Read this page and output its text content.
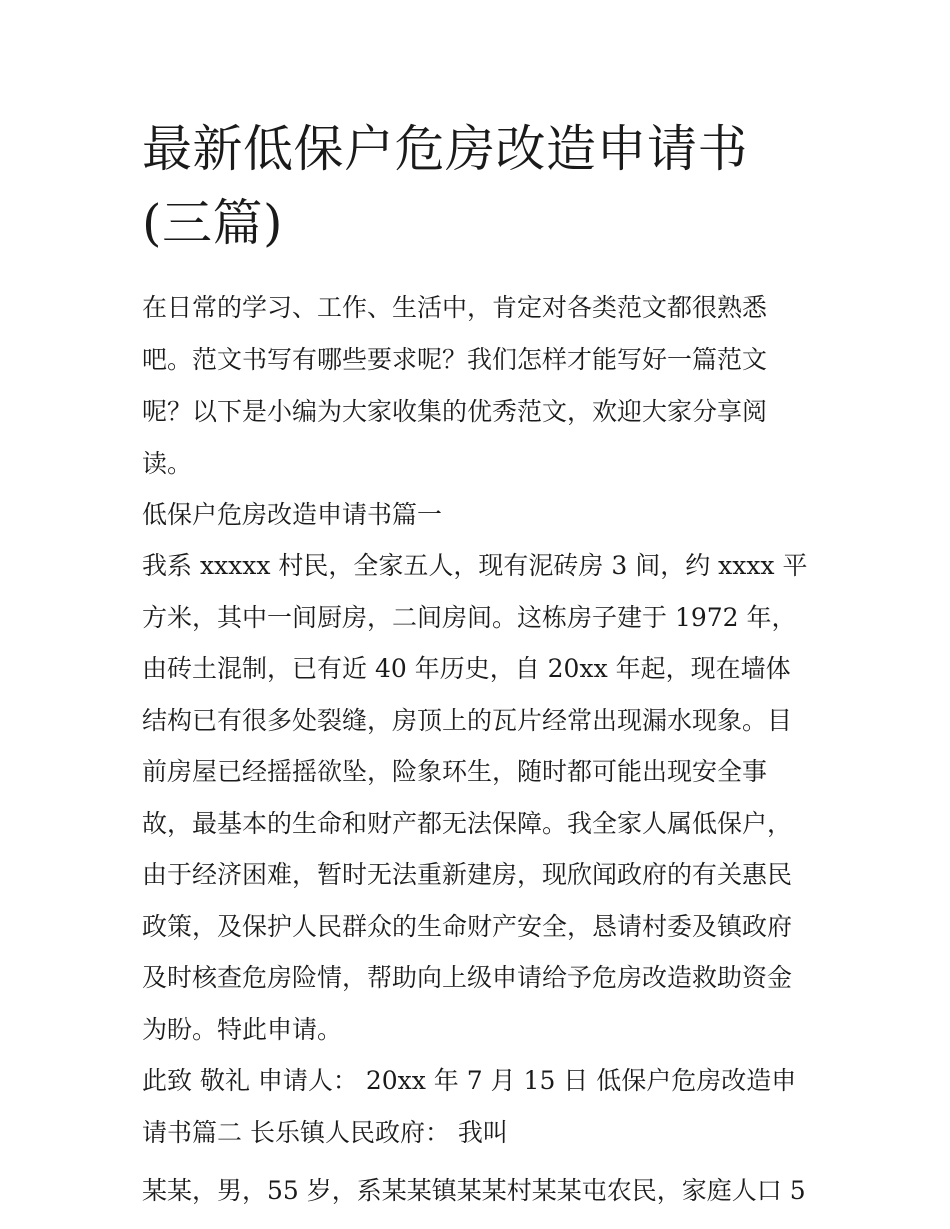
最新低保户危房改造申请书(三篇)

在日常的学习、工作、生活中，肯定对各类范文都很熟悉吧。范文书写有哪些要求呢？我们怎样才能写好一篇范文呢？以下是小编为大家收集的优秀范文，欢迎大家分享阅读。

低保户危房改造申请书篇一

我系 xxxxx 村民，全家五人，现有泥砖房 3 间，约 xxxx 平方米，其中一间厨房，二间房间。这栋房子建于 1972 年，由砖土混制，已有近 40 年历史，自 20xx 年起，现在墙体结构已有很多处裂缝，房顶上的瓦片经常出现漏水现象。目前房屋已经摇摇欲坠，险象环生，随时都可能出现安全事故，最基本的生命和财产都无法保障。我全家人属低保户，由于经济困难，暂时无法重新建房，现欣闻政府的有关惠民政策，及保护人民群众的生命财产安全，恳请村委及镇政府及时核查危房险情，帮助向上级申请给予危房改造救助资金为盼。特此申请。

此致 敬礼 申请人： 20xx 年 7 月 15 日 低保户危房改造申请书篇二 长乐镇人民政府： 我叫

某某，男，55 岁，系某某镇某某村某某屯农民，家庭人口 5
